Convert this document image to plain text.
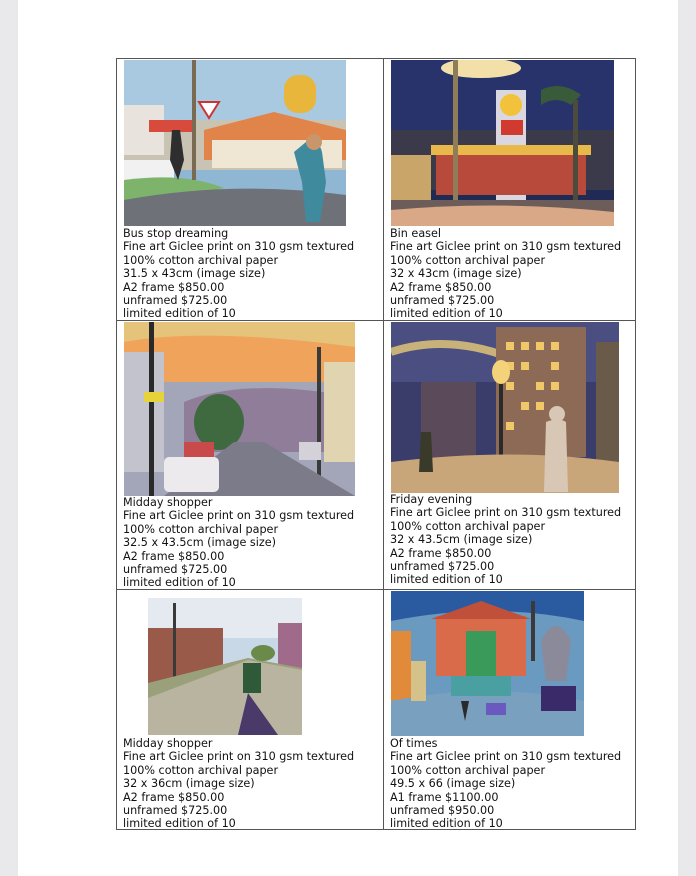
Bus stop dreaming
Fine art Giclee print on 310 gsm textured
100% cotton archival paper
31.5 x 43cm (image size)
A2 frame $850.00
unframed $725.00
limited edition of 10
Bin easel
Fine art Giclee print on 310 gsm textured
100% cotton archival paper
32 x 43cm (image size)
A2 frame $850.00
unframed $725.00
limited edition of 10
Midday shopper
Fine art Giclee print on 310 gsm textured
100% cotton archival paper
32.5 x 43.5cm (image size)
A2 frame $850.00
unframed $725.00
limited edition of 10
Friday evening
Fine art Giclee print on 310 gsm textured
100% cotton archival paper
32 x 43.5cm (image size)
A2 frame $850.00
unframed $725.00
limited edition of 10
Midday shopper
Fine art Giclee print on 310 gsm textured
100% cotton archival paper
32 x 36cm (image size)
A2 frame $850.00
unframed $725.00
limited edition of 10
Of times
Fine art Giclee print on 310 gsm textured
100% cotton archival paper
49.5 x 66 (image size)
A1 frame $1100.00
unframed $950.00
limited edition of 10
